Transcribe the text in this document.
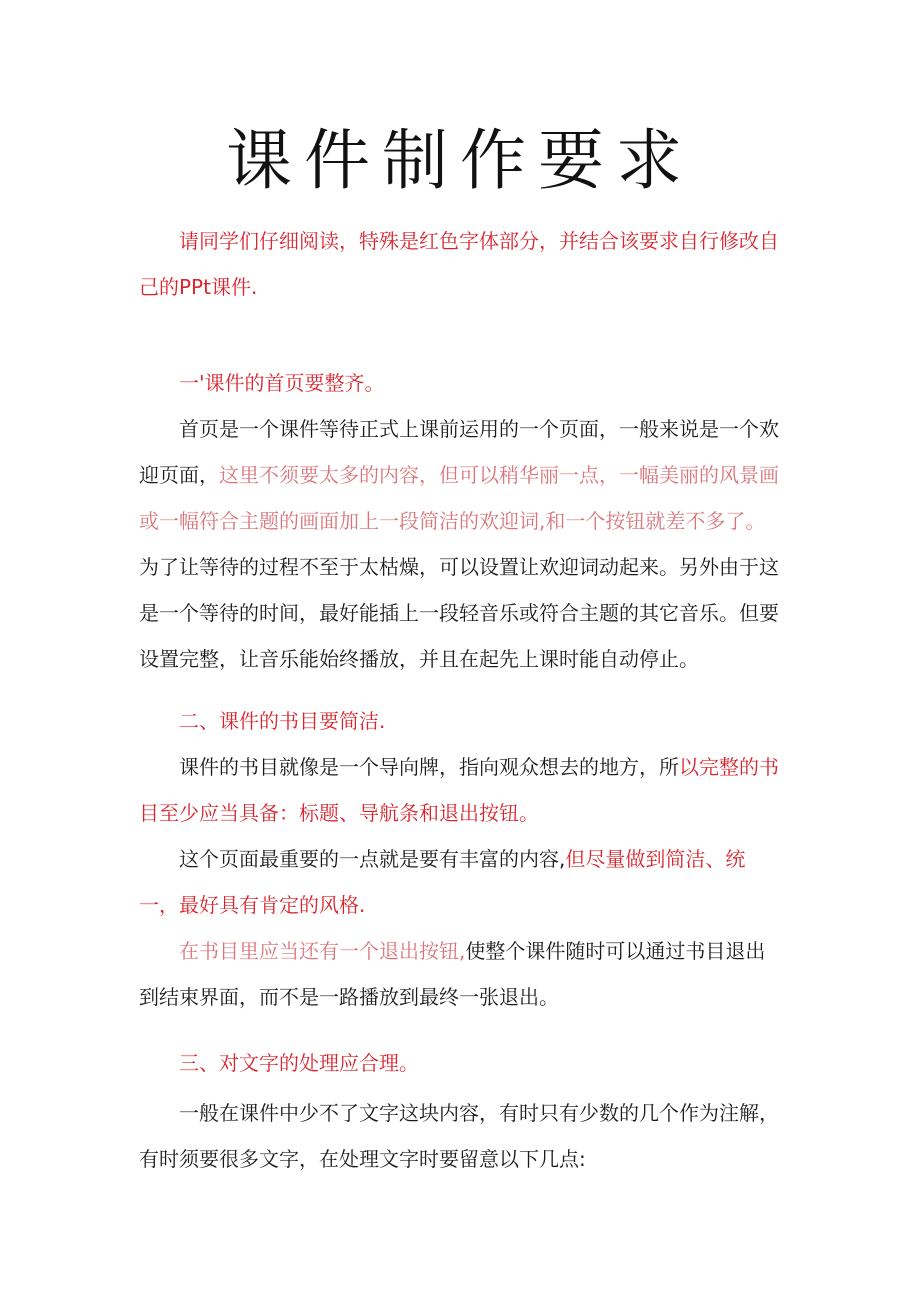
课件制作要求

请同学们仔细阅读，特殊是红色字体部分，并结合该要求自行修改自己的PPt课件.

一'课件的首页要整齐。

首页是一个课件等待正式上课前运用的一个页面，一般来说是一个欢迎页面，这里不须要太多的内容，但可以稍华丽一点，一幅美丽的风景画或一幅符合主题的画面加上一段简洁的欢迎词,和一个按钮就差不多了。为了让等待的过程不至于太枯燥，可以设置让欢迎词动起来。另外由于这是一个等待的时间，最好能插上一段轻音乐或符合主题的其它音乐。但要设置完整，让音乐能始终播放，并且在起先上课时能自动停止。

二、课件的书目要简洁.

课件的书目就像是一个导向牌，指向观众想去的地方，所以完整的书目至少应当具备：标题、导航条和退出按钮。

这个页面最重要的一点就是要有丰富的内容,但尽量做到简洁、统一，最好具有肯定的风格.

在书目里应当还有一个退出按钮,使整个课件随时可以通过书目退出到结束界面，而不是一路播放到最终一张退出。

三、对文字的处理应合理。

一般在课件中少不了文字这块内容，有时只有少数的几个作为注解，有时须要很多文字，在处理文字时要留意以下几点:
